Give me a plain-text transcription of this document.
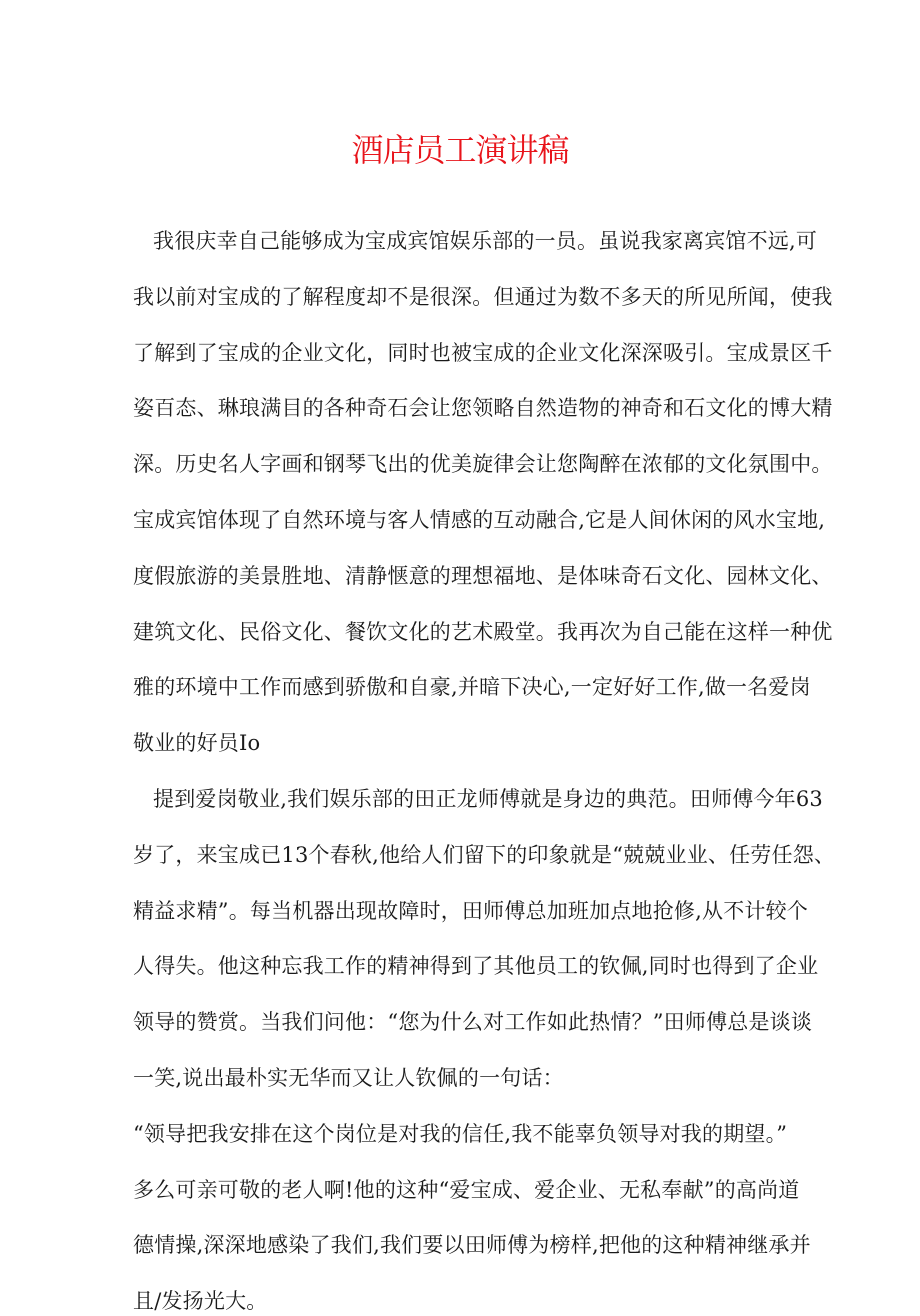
酒店员工演讲稿
我很庆幸自己能够成为宝成宾馆娱乐部的一员。虽说我家离宾馆不远,可
我以前对宝成的了解程度却不是很深。但通过为数不多天的所见所闻，使我
了解到了宝成的企业文化，同时也被宝成的企业文化深深吸引。宝成景区千
姿百态、琳琅满目的各种奇石会让您领略自然造物的神奇和石文化的博大精
深。历史名人字画和钢琴飞出的优美旋律会让您陶醉在浓郁的文化氛围中。
宝成宾馆体现了自然环境与客人情感的互动融合,它是人间休闲的风水宝地,
度假旅游的美景胜地、清静惬意的理想福地、是体味奇石文化、园林文化、
建筑文化、民俗文化、餐饮文化的艺术殿堂。我再次为自己能在这样一种优
雅的环境中工作而感到骄傲和自豪,并暗下决心,一定好好工作,做一名爱岗
敬业的好员Io
提到爱岗敬业,我们娱乐部的田正龙师傅就是身边的典范。田师傅今年63
岁了，来宝成已13个春秋,他给人们留下的印象就是“兢兢业业、任劳任怨、
精益求精”。每当机器出现故障时，田师傅总加班加点地抢修,从不计较个
人得失。他这种忘我工作的精神得到了其他员工的钦佩,同时也得到了企业
领导的赞赏。当我们问他：“您为什么对工作如此热情？”田师傅总是谈谈
一笑,说出最朴实无华而又让人钦佩的一句话：
“领导把我安排在这个岗位是对我的信任,我不能辜负领导对我的期望。”
多么可亲可敬的老人啊!他的这种“爱宝成、爱企业、无私奉献”的高尚道
德情操,深深地感染了我们,我们要以田师傅为榜样,把他的这种精神继承并
且/发扬光大。
